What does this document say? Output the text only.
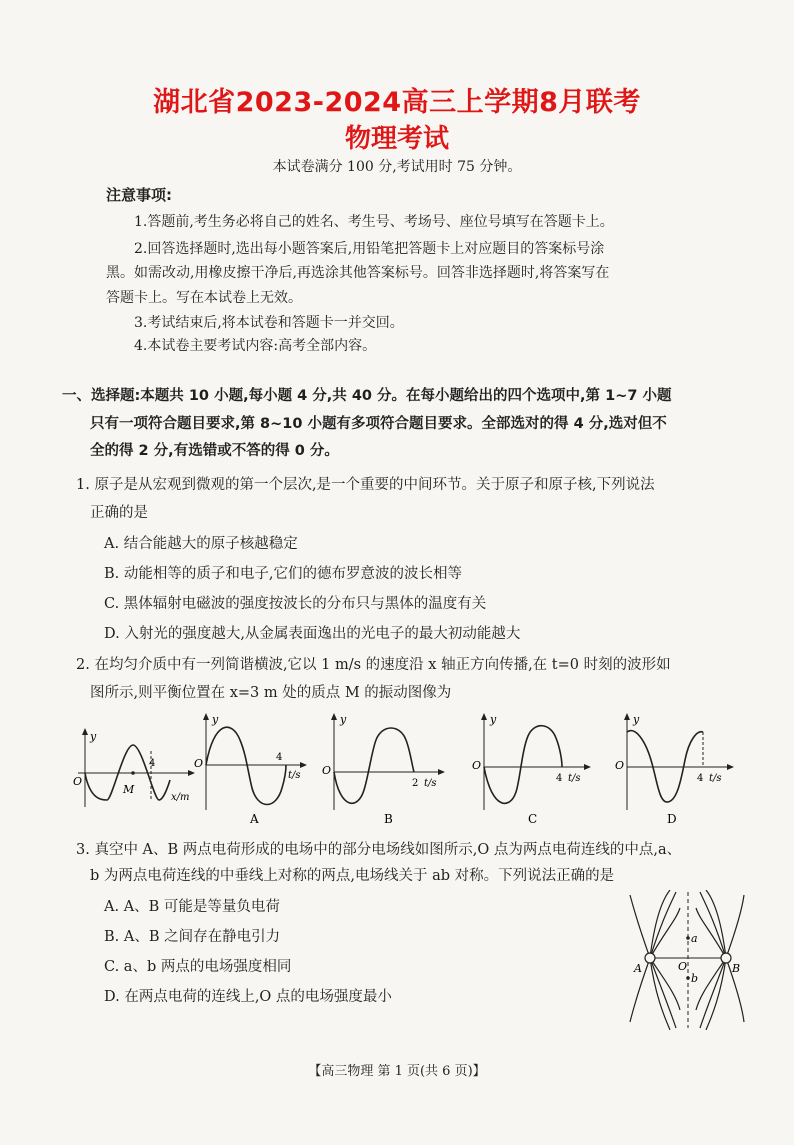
湖北省2023-2024高三上学期8月联考
物理考试
本试卷满分 100 分,考试用时 75 分钟。
注意事项:
1.答题前,考生务必将自己的姓名、考生号、考场号、座位号填写在答题卡上。
2.回答选择题时,选出每小题答案后,用铅笔把答题卡上对应题目的答案标号涂
黑。如需改动,用橡皮擦干净后,再选涂其他答案标号。回答非选择题时,将答案写在
答题卡上。写在本试卷上无效。
3.考试结束后,将本试卷和答题卡一并交回。
4.本试卷主要考试内容:高考全部内容。
一、选择题:本题共 10 小题,每小题 4 分,共 40 分。在每小题给出的四个选项中,第 1~7 小题
只有一项符合题目要求,第 8~10 小题有多项符合题目要求。全部选对的得 4 分,选对但不
全的得 2 分,有选错或不答的得 0 分。
1. 原子是从宏观到微观的第一个层次,是一个重要的中间环节。关于原子和原子核,下列说法
正确的是
A. 结合能越大的原子核越稳定
B. 动能相等的质子和电子,它们的德布罗意波的波长相等
C. 黑体辐射电磁波的强度按波长的分布只与黑体的温度有关
D. 入射光的强度越大,从金属表面逸出的光电子的最大初动能越大
2. 在均匀介质中有一列简谐横波,它以 1 m/s 的速度沿 x 轴正方向传播,在 t=0 时刻的波形如
图所示,则平衡位置在 x=3 m 处的质点 M 的振动图像为
y
O
M
4
x/m
y
O	4
t/s
A
y
O
2 t/s
B
y
O
4 t/s
C
y
O
4 t/s
D
3. 真空中 A、B 两点电荷形成的电场中的部分电场线如图所示,O 点为两点电荷连线的中点,a、
b 为两点电荷连线的中垂线上对称的两点,电场线关于 ab 对称。下列说法正确的是
A. A、B 可能是等量负电荷
B. A、B 之间存在静电引力
C. a、b 两点的电场强度相同
D. 在两点电荷的连线上,O 点的电场强度最小
A	B
O
a
b
【高三物理 第 1 页(共 6 页)】
